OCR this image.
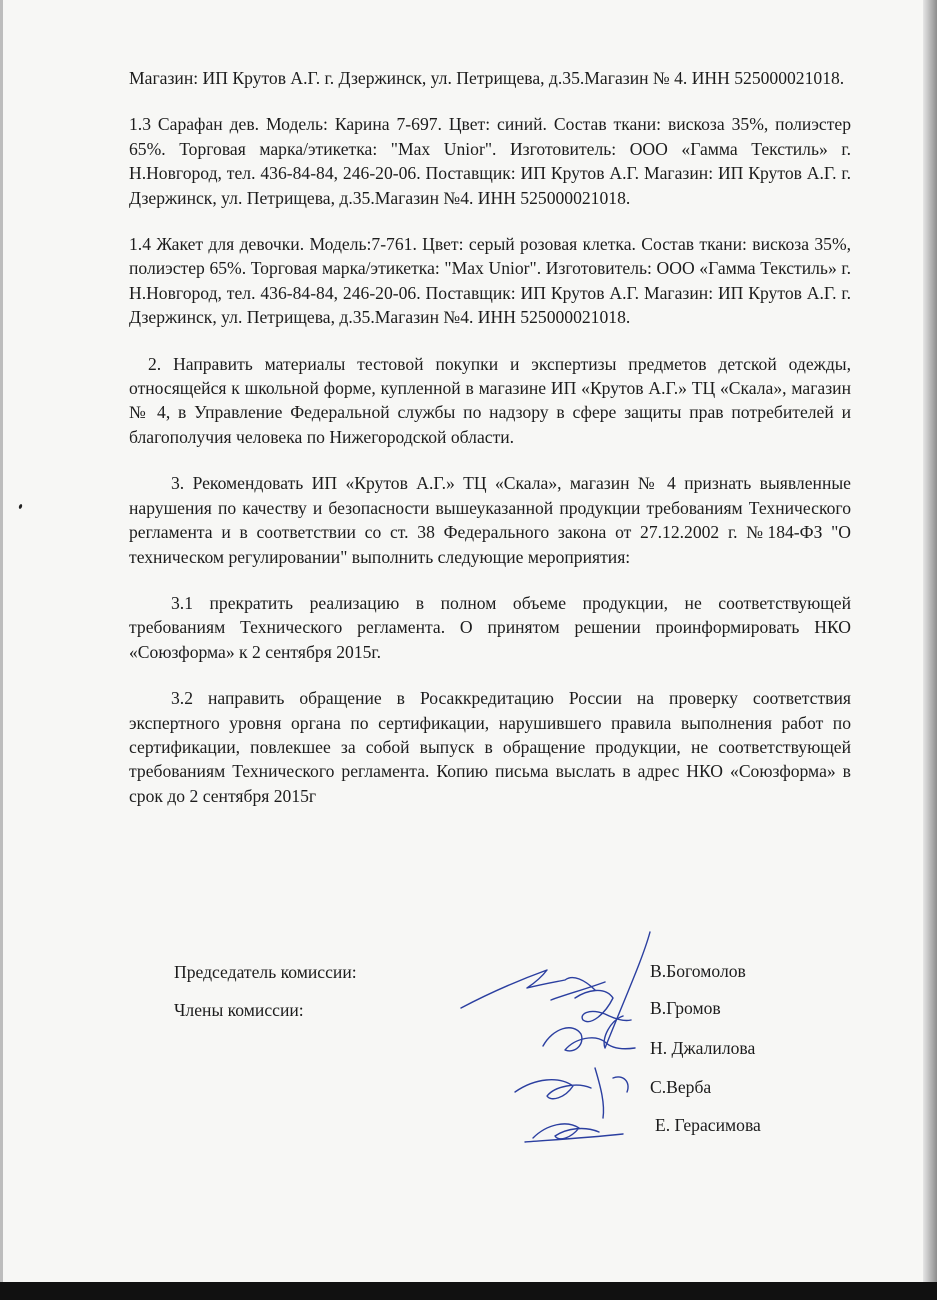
Магазин: ИП Крутов А.Г. г. Дзержинск, ул. Петрищева, д.35.Магазин № 4. ИНН 525000021018.

1.3 Сарафан дев. Модель: Карина 7-697. Цвет: синий. Состав ткани: вискоза 35%, полиэстер 65%. Торговая марка/этикетка: "Max Unior". Изготовитель: ООО «Гамма Текстиль» г. Н.Новгород, тел. 436-84-84, 246-20-06. Поставщик: ИП Крутов А.Г. Магазин: ИП Крутов А.Г. г. Дзержинск, ул. Петрищева, д.35.Магазин №4. ИНН 525000021018.

1.4 Жакет для девочки. Модель:7-761. Цвет: серый розовая клетка. Состав ткани: вискоза 35%, полиэстер 65%. Торговая марка/этикетка: "Max Unior". Изготовитель: ООО «Гамма Текстиль» г. Н.Новгород, тел. 436-84-84, 246-20-06. Поставщик: ИП Крутов А.Г. Магазин: ИП Крутов А.Г. г. Дзержинск, ул. Петрищева, д.35.Магазин №4. ИНН 525000021018.

2. Направить материалы тестовой покупки и экспертизы предметов детской одежды, относящейся к школьной форме, купленной в магазине ИП «Крутов А.Г.» ТЦ «Скала», магазин № 4, в Управление Федеральной службы по надзору в сфере защиты прав потребителей и благополучия человека по Нижегородской области.

3. Рекомендовать ИП «Крутов А.Г.» ТЦ «Скала», магазин № 4 признать выявленные нарушения по качеству и безопасности вышеуказанной продукции требованиям Технического регламента и в соответствии со ст. 38 Федерального закона от 27.12.2002 г. №184-ФЗ "О техническом регулировании" выполнить следующие мероприятия:

3.1 прекратить реализацию в полном объеме продукции, не соответствующей требованиям Технического регламента. О принятом решении проинформировать НКО «Союзформа» к 2 сентября 2015г.

3.2 направить обращение в Росаккредитацию России на проверку соответствия экспертного уровня органа по сертификации, нарушившего правила выполнения работ по сертификации, повлекшее за собой выпуск в обращение продукции, не соответствующей требованиям Технического регламента. Копию письма выслать в адрес НКО «Союзформа» в срок до 2 сентября 2015г

Председатель комиссии:
Члены комиссии:
В.Богомолов
В.Громов
Н. Джалилова
С.Верба
Е. Герасимова
